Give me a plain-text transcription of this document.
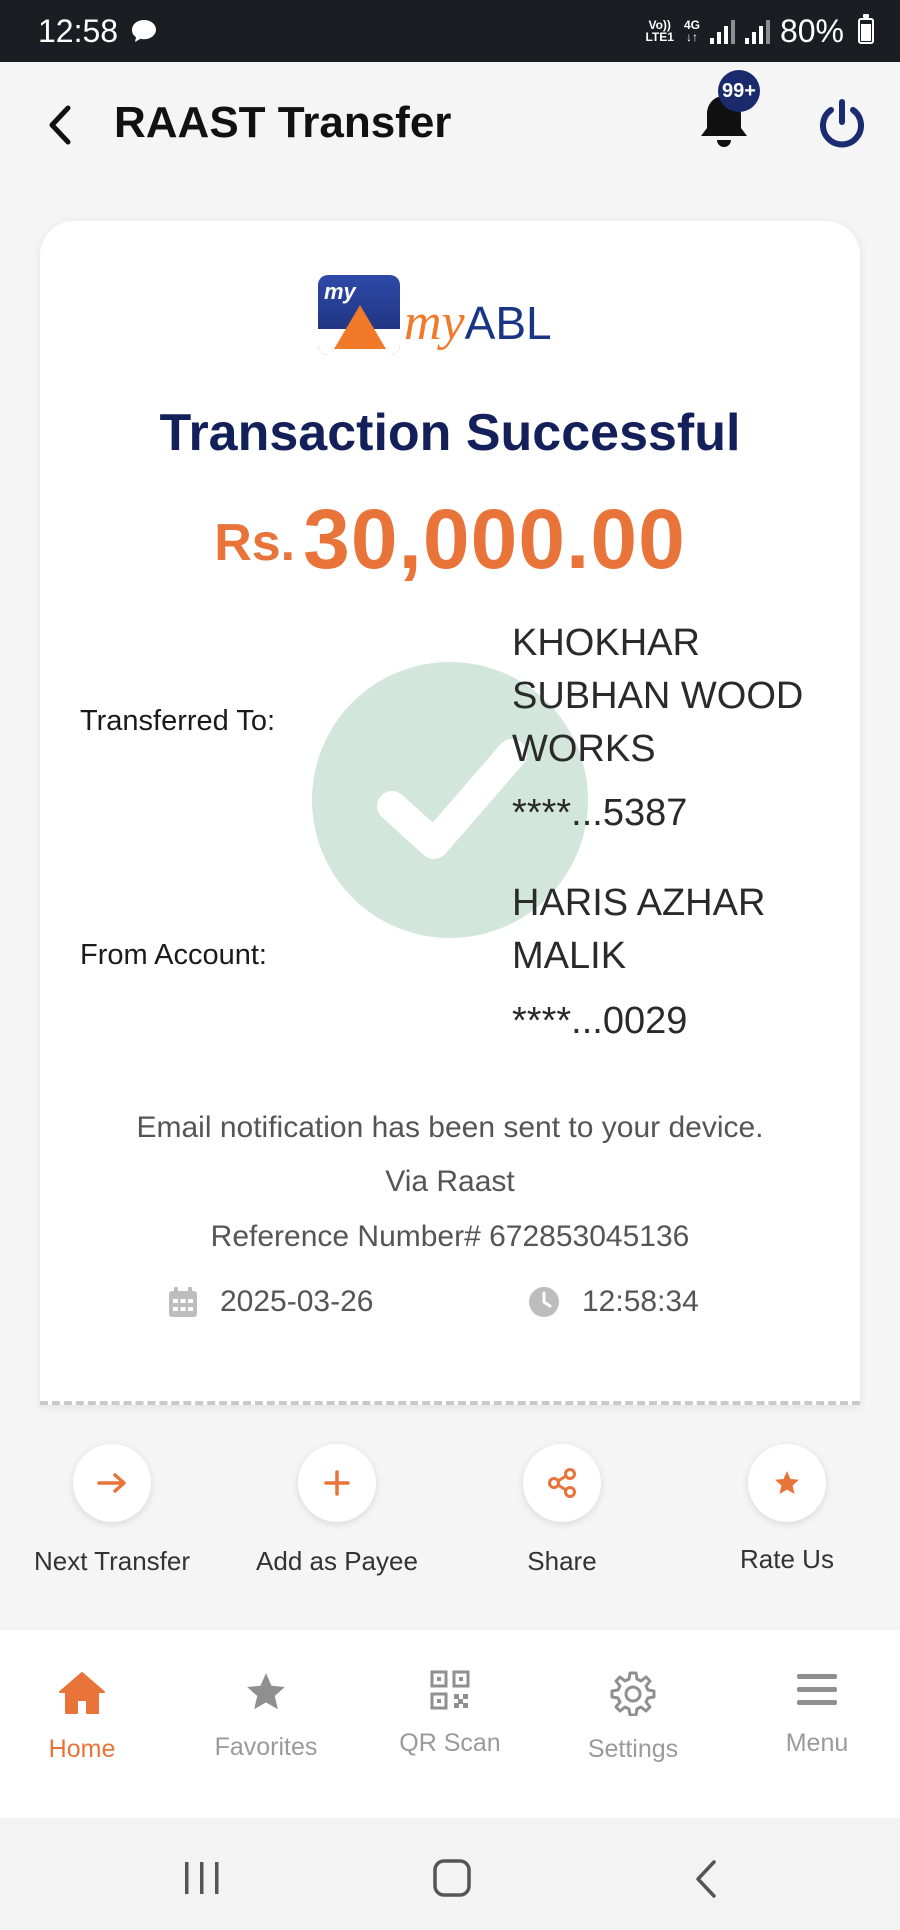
12:58	Vo))
LTE1
4G
↓↑	80%
RAAST Transfer
99+
my
myABL
Transaction Successful
Rs.30,000.00
Transferred To:
KHOKHAR
SUBHAN WOOD
WORKS
****...5387
From Account:
HARIS AZHAR
MALIK
****...0029
Email notification has been sent to your device.
Via Raast
Reference Number# 672853045136
2025-03-26	12:58:34
Next Transfer	Add as Payee	Share	Rate Us
Home	Favorites	QR Scan	Settings	Menu
